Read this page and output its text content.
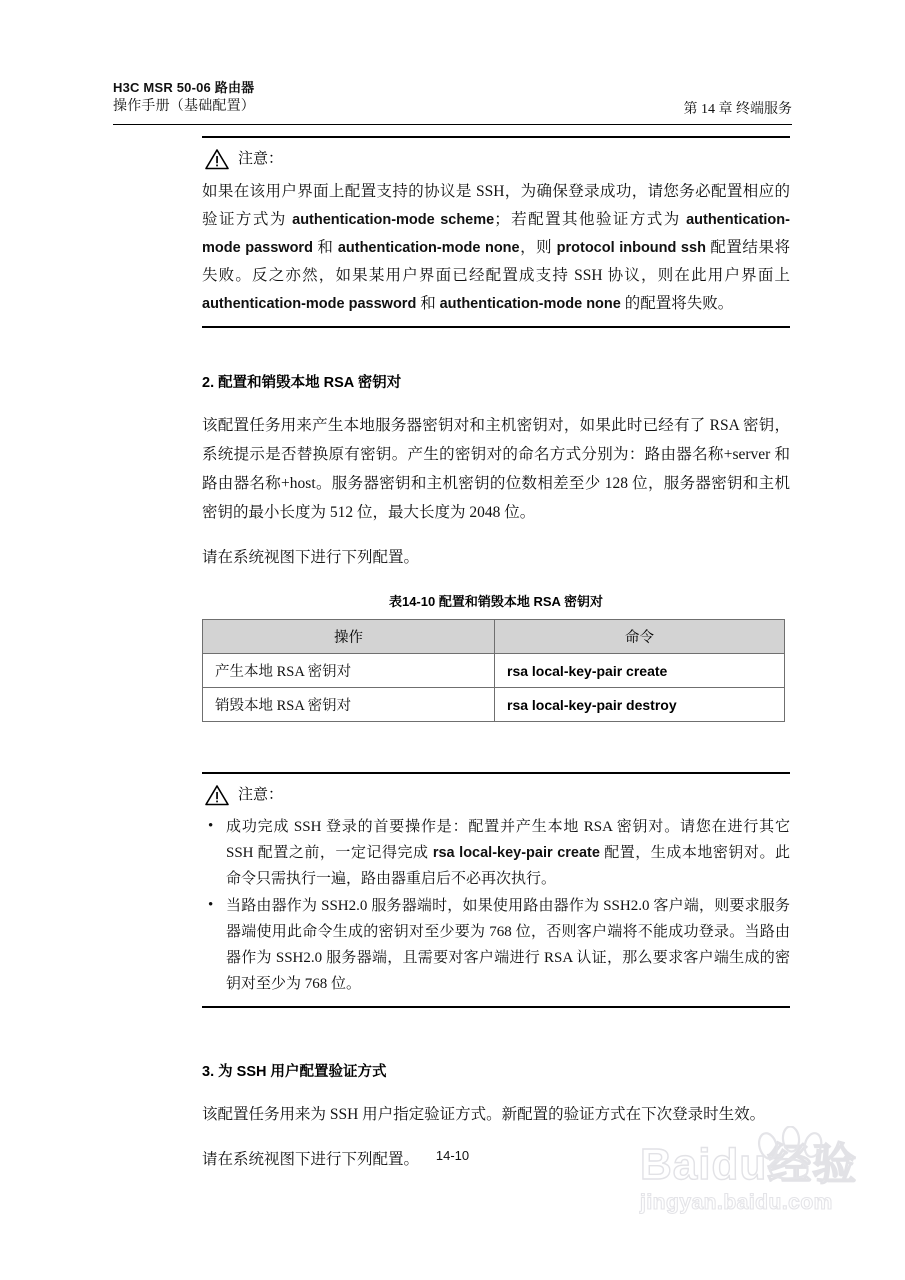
H3C MSR 50-06 路由器
操作手册（基础配置）	第 14 章 终端服务
注意：

如果在该用户界面上配置支持的协议是 SSH，为确保登录成功，请您务必配置相应的验证方式为 authentication-mode scheme；若配置其他验证方式为 authentication-mode password 和 authentication-mode none，则 protocol inbound ssh 配置结果将失败。反之亦然，如果某用户界面已经配置成支持 SSH 协议，则在此用户界面上 authentication-mode password 和 authentication-mode none 的配置将失败。

2. 配置和销毁本地 RSA 密钥对

该配置任务用来产生本地服务器密钥对和主机密钥对，如果此时已经有了 RSA 密钥，系统提示是否替换原有密钥。产生的密钥对的命名方式分别为：路由器名称+server 和路由器名称+host。服务器密钥和主机密钥的位数相差至少 128 位，服务器密钥和主机密钥的最小长度为 512 位，最大长度为 2048 位。

请在系统视图下进行下列配置。

表14-10 配置和销毁本地 RSA 密钥对
操作	命令
产生本地 RSA 密钥对	rsa local-key-pair create
销毁本地 RSA 密钥对	rsa local-key-pair destroy
注意：
• 成功完成 SSH 登录的首要操作是：配置并产生本地 RSA 密钥对。请您在进行其它 SSH 配置之前，一定记得完成 rsa local-key-pair create 配置，生成本地密钥对。此命令只需执行一遍，路由器重启后不必再次执行。
• 当路由器作为 SSH2.0 服务器端时，如果使用路由器作为 SSH2.0 客户端，则要求服务器端使用此命令生成的密钥对至少要为 768 位，否则客户端将不能成功登录。当路由器作为 SSH2.0 服务器端，且需要对客户端进行 RSA 认证，那么要求客户端生成的密钥对至少为 768 位。
3. 为 SSH 用户配置验证方式

该配置任务用来为 SSH 用户指定验证方式。新配置的验证方式在下次登录时生效。

请在系统视图下进行下列配置。	14-10	Baidu经验
jingyan.baidu.com
